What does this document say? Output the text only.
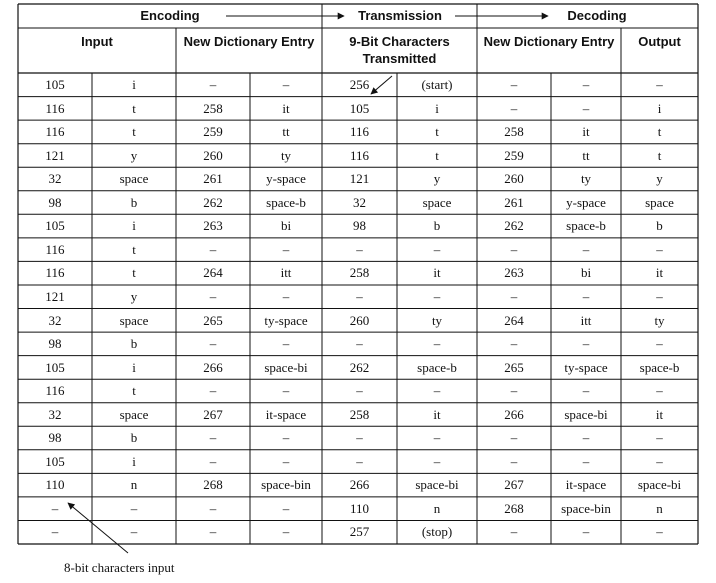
Encoding	Transmission	Decoding
Input	New Dictionary Entry	9-Bit Characters Transmitted
New Dictionary Entry	Output
105	i	–	–	256	(start)	–	–	–
116	t	258	it	105	i	–	–	i
116	t	259	tt	116	t	258	it	t
121	y	260	ty	116	t	259	tt	t
32	space	261	y-space	121	y	260	ty	y
98	b	262	space-b	32	space	261	y-space	space
105	i	263	bi	98	b	262	space-b	b
116	t	–	–	–	–	–	–	–
116	t	264	itt	258	it	263	bi	it
121	y	–	–	–	–	–	–	–
32	space	265	ty-space	260	ty	264	itt	ty
98	b	–	–	–	–	–	–	–
105	i	266	space-bi	262	space-b	265	ty-space	space-b
116	t	–	–	–	–	–	–	–
32	space	267	it-space	258	it	266	space-bi	it
98	b	–	–	–	–	–	–	–
105	i	–	–	–	–	–	–	–
110	n	268	space-bin	266	space-bi	267	it-space	space-bi
–	–	–	–	110	n	268	space-bin	n
–	–	–	–	257	(stop)	–	–	–
8-bit characters input
